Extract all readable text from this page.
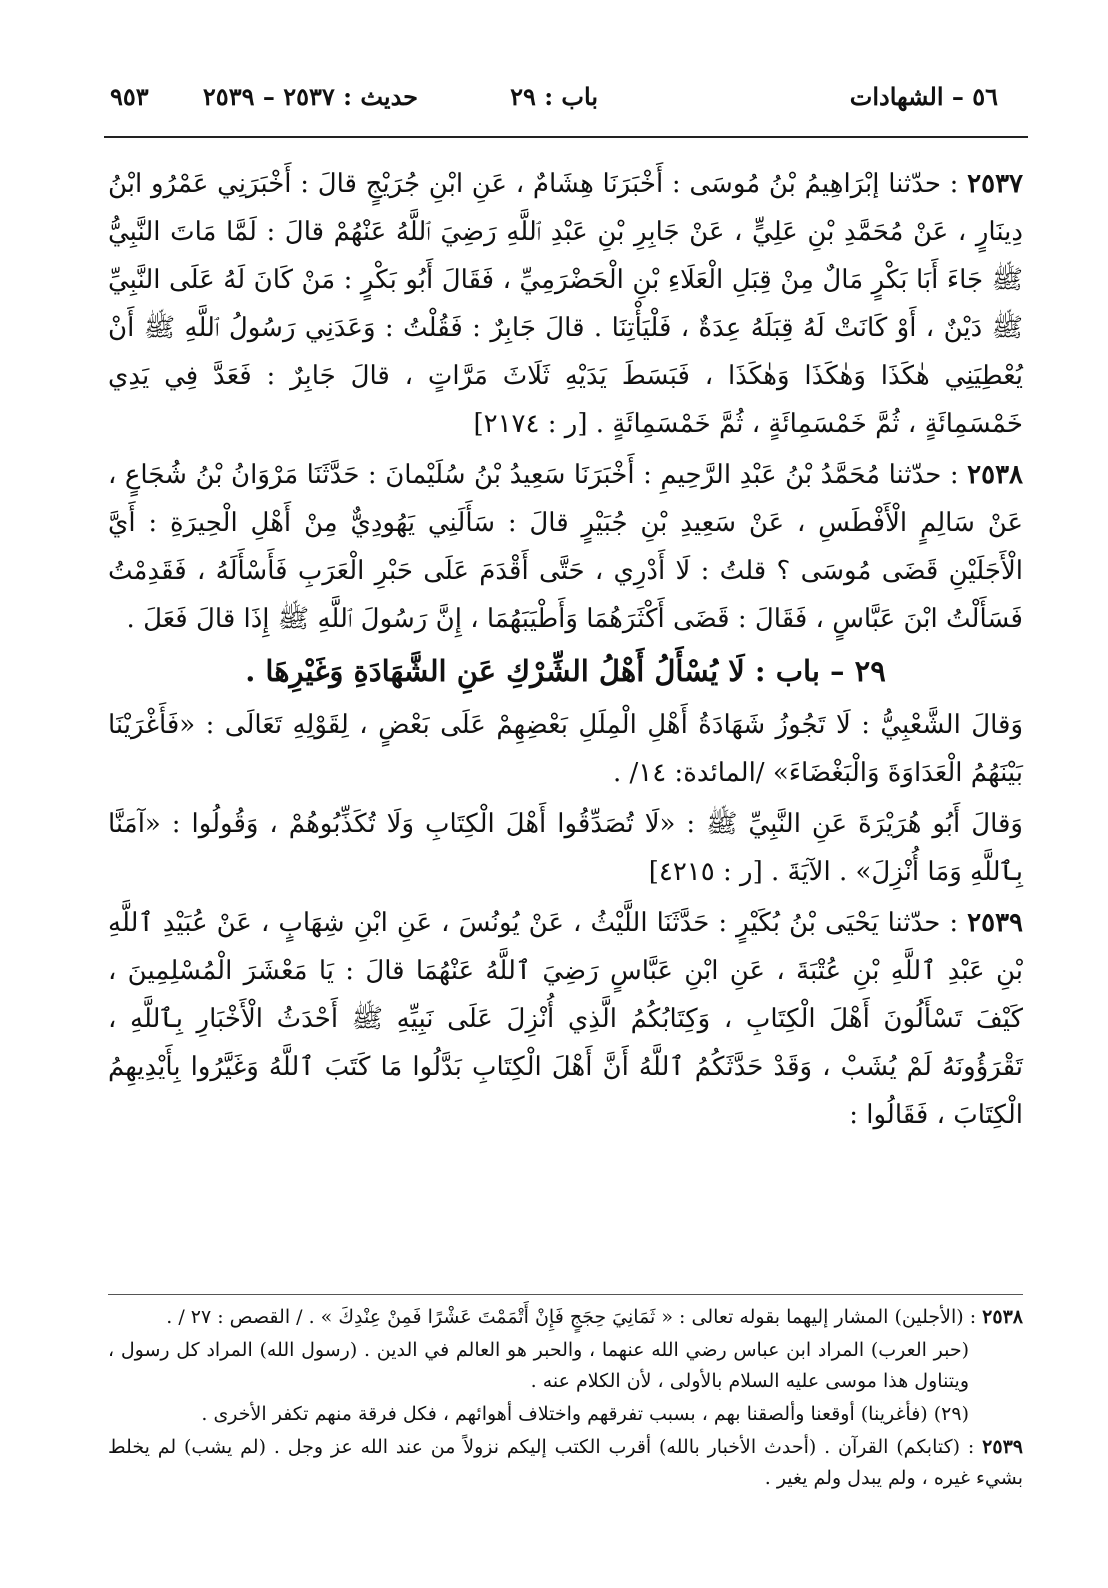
٥٦ – الشهادات
باب : ٢٩
حديث : ٢٥٣٧ – ٢٥٣٩
٩٥٣

٢٥٣٧ : حدّثنا إبْرَاهِيمُ بْنُ مُوسَى : أَخْبَرَنَا هِشَامٌ ، عَنِ ابْنِ جُرَيْجٍ قالَ : أَخْبَرَنِي عَمْرُو ابْنُ دِينَارٍ ، عَنْ مُحَمَّدِ بْنِ عَلِيٍّ ، عَنْ جَابِرِ بْنِ عَبْدِ ٱللَّهِ رَضِيَ ٱللَّهُ عَنْهُمْ قالَ : لَمَّا مَاتَ النَّبِيُّ ﷺ جَاءَ أَبَا بَكْرٍ مَالٌ مِنْ قِبَلِ الْعَلَاءِ بْنِ الْحَضْرَمِيِّ ، فَقَالَ أَبُو بَكْرٍ : مَنْ كَانَ لَهُ عَلَى النَّبِيِّ ﷺ دَيْنٌ ، أَوْ كَانَتْ لَهُ قِبَلَهُ عِدَةٌ ، فَلْيَأْتِنَا . قالَ جَابِرٌ : فَقُلْتُ : وَعَدَنِي رَسُولُ ٱللَّهِ ﷺ أَنْ يُعْطِيَنِي هٰكَذَا وَهٰكَذَا وَهٰكَذَا ، فَبَسَطَ يَدَيْهِ ثَلَاثَ مَرَّاتٍ ، قالَ جَابِرٌ : فَعَدَّ فِي يَدِي خَمْسَمِائَةٍ ، ثُمَّ خَمْسَمِائَةٍ ، ثُمَّ خَمْسَمِائَةٍ . [ر : ٢١٧٤]

٢٥٣٨ : حدّثنا مُحَمَّدُ بْنُ عَبْدِ الرَّحِيمِ : أَخْبَرَنَا سَعِيدُ بْنُ سُلَيْمانَ : حَدَّثَنَا مَرْوَانُ بْنُ شُجَاعٍ ، عَنْ سَالِمٍ الْأَفْطَسِ ، عَنْ سَعِيدِ بْنِ جُبَيْرٍ قالَ : سَأَلَنِي يَهُودِيٌّ مِنْ أَهْلِ الْحِيرَةِ : أَيَّ الْأَجَلَيْنِ قَضَى مُوسَى ؟ قلتُ : لَا أَدْرِي ، حَتَّى أَقْدَمَ عَلَى حَبْرِ الْعَرَبِ فَأَسْأَلَهُ ، فَقَدِمْتُ فَسَأَلْتُ ابْنَ عَبَّاسٍ ، فَقَالَ : قَضَى أَكْثَرَهُمَا وَأَطْيَبَهُمَا ، إِنَّ رَسُولَ ٱللَّهِ ﷺ إِذَا قالَ فَعَلَ .

٢٩ – باب : لَا يُسْأَلُ أَهْلُ الشِّرْكِ عَنِ الشَّهَادَةِ وَغَيْرِهَا .

وَقالَ الشَّعْبِيُّ : لَا تَجُوزُ شَهَادَةُ أَهْلِ الْمِلَلِ بَعْضِهِمْ عَلَى بَعْضٍ ، لِقَوْلِهِ تَعَالَى : «فَأَغْرَيْنَا بَيْنَهُمُ الْعَدَاوَةَ وَالْبَغْضَاءَ» /المائدة: ١٤/ .

وَقالَ أَبُو هُرَيْرَةَ عَنِ النَّبِيِّ ﷺ : «لَا تُصَدِّقُوا أَهْلَ الْكِتَابِ وَلَا تُكَذِّبُوهُمْ ، وَقُولُوا : «آمَنَّا بِٱللَّهِ وَمَا أُنْزِلَ» . الآيَةَ . [ر : ٤٢١٥]

٢٥٣٩ : حدّثنا يَحْيَى بْنُ بُكَيْرٍ : حَدَّثَنَا اللَّيْثُ ، عَنْ يُونُسَ ، عَنِ ابْنِ شِهَابٍ ، عَنْ عُبَيْدِ ٱللَّهِ بْنِ عَبْدِ ٱللَّهِ بْنِ عُتْبَةَ ، عَنِ ابْنِ عَبَّاسٍ رَضِيَ ٱللَّهُ عَنْهُمَا قالَ : يَا مَعْشَرَ الْمُسْلِمِينَ ، كَيْفَ تَسْأَلُونَ أَهْلَ الْكِتَابِ ، وَكِتَابُكُمُ الَّذِي أُنْزِلَ عَلَى نَبِيِّهِ ﷺ أَحْدَثُ الْأَخْبَارِ بِٱللَّهِ ، تَقْرَؤُونَهُ لَمْ يُشَبْ ، وَقَدْ حَدَّثَكُمُ ٱللَّهُ أَنَّ أَهْلَ الْكِتَابِ بَدَّلُوا مَا كَتَبَ ٱللَّهُ وَغَيَّرُوا بِأَيْدِيهِمُ الْكِتَابَ ، فَقَالُوا :

٢٥٣٨ : (الأجلين) المشار إليهما بقوله تعالى : « ثَمَانِيَ حِجَجٍ فَإِنْ أَتْمَمْتَ عَشْرًا فَمِنْ عِنْدِكَ » . / القصص : ٢٧ / .

(حبر العرب) المراد ابن عباس رضي الله عنهما ، والحبر هو العالم في الدين . (رسول الله) المراد كل رسول ، ويتناول هذا موسى عليه السلام بالأولى ، لأن الكلام عنه .

(٢٩) (فأغرينا) أوقعنا وألصقنا بهم ، بسبب تفرقهم واختلاف أهوائهم ، فكل فرقة منهم تكفر الأخرى .

٢٥٣٩ : (كتابكم) القرآن . (أحدث الأخبار بالله) أقرب الكتب إليكم نزولاً من عند الله عز وجل . (لم يشب) لم يخلط بشيء غيره ، ولم يبدل ولم يغير .
